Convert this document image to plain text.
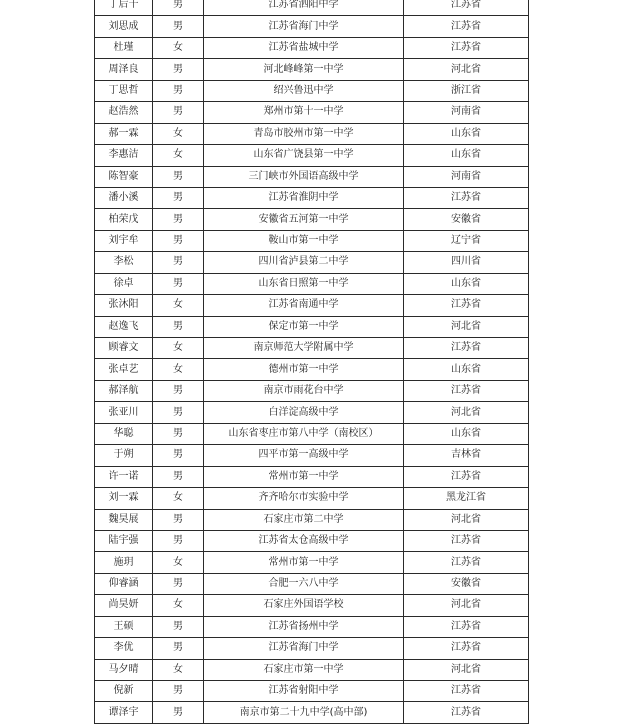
丁后千	男	江苏省泗阳中学	江苏省
刘思成	男	江苏省海门中学	江苏省
杜瑾	女	江苏省盐城中学	江苏省
周泽良	男	河北峰峰第一中学	河北省
丁思哲	男	绍兴鲁迅中学	浙江省
赵浩然	男	郑州市第十一中学	河南省
郝一霖	女	青岛市胶州市第一中学	山东省
李惠洁	女	山东省广饶县第一中学	山东省
陈智豪	男	三门峡市外国语高级中学	河南省
潘小溪	男	江苏省淮阴中学	江苏省
柏荣戊	男	安徽省五河第一中学	安徽省
刘宇牟	男	鞍山市第一中学	辽宁省
李松	男	四川省泸县第二中学	四川省
徐卓	男	山东省日照第一中学	山东省
张沐阳	女	江苏省南通中学	江苏省
赵逸飞	男	保定市第一中学	河北省
顾睿文	女	南京师范大学附属中学	江苏省
张卓艺	女	德州市第一中学	山东省
郝泽航	男	南京市雨花台中学	江苏省
张亚川	男	白洋淀高级中学	河北省
华聪	男	山东省枣庄市第八中学（南校区）	山东省
于朔	男	四平市第一高级中学	吉林省
许一诺	男	常州市第一中学	江苏省
刘一霖	女	齐齐哈尔市实验中学	黑龙江省
魏昊展	男	石家庄市第二中学	河北省
陆宇强	男	江苏省太仓高级中学	江苏省
施玥	女	常州市第一中学	江苏省
仰睿涵	男	合肥一六八中学	安徽省
尚昊妍	女	石家庄外国语学校	河北省
王硕	男	江苏省扬州中学	江苏省
李优	男	江苏省海门中学	江苏省
马夕晴	女	石家庄市第一中学	河北省
倪新	男	江苏省射阳中学	江苏省
谭泽宇	男	南京市第二十九中学(高中部)	江苏省
